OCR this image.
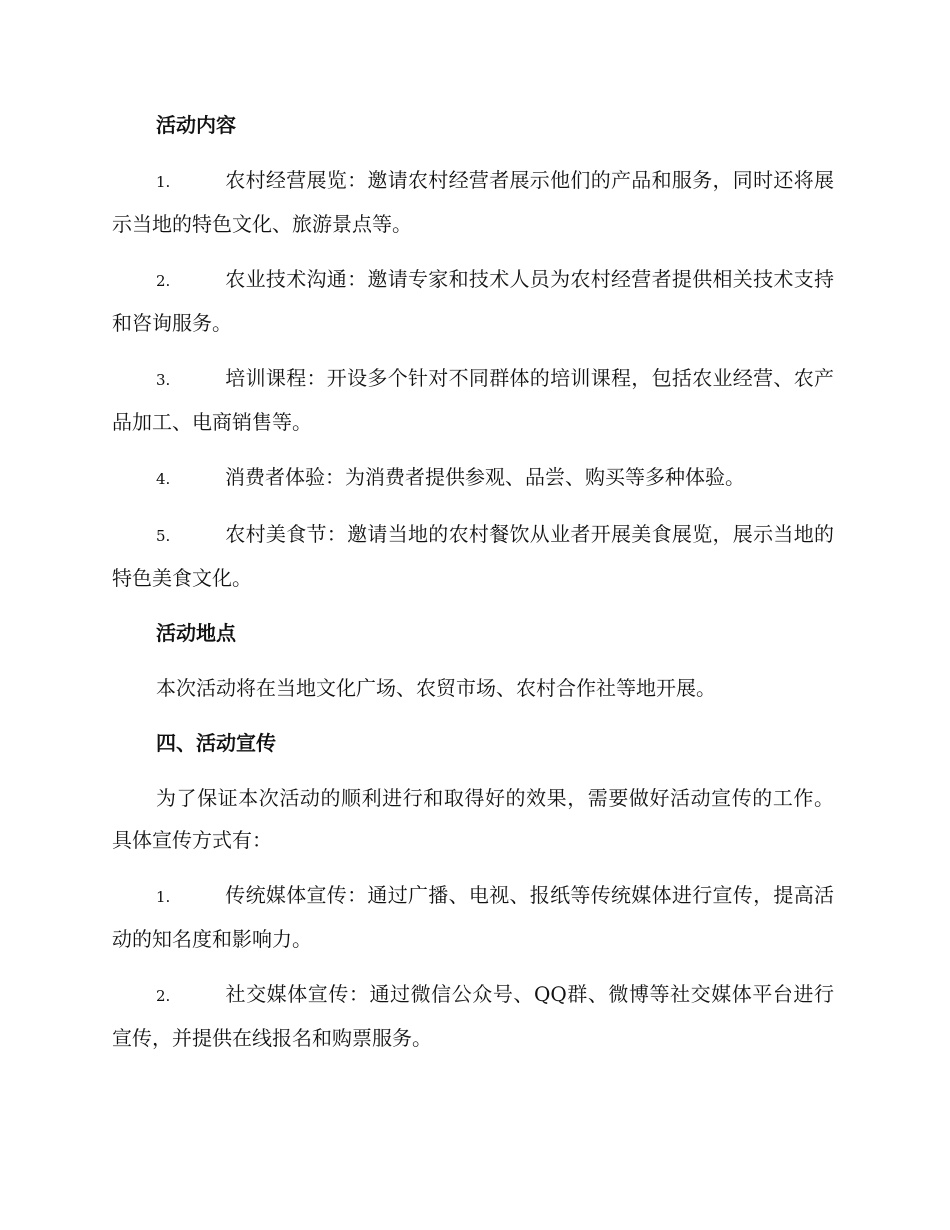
活动内容
1.	农村经营展览：邀请农村经营者展示他们的产品和服务，同时还将展示当地的特色文化、旅游景点等。
2.	农业技术沟通：邀请专家和技术人员为农村经营者提供相关技术支持和咨询服务。
3.	培训课程：开设多个针对不同群体的培训课程，包括农业经营、农产品加工、电商销售等。
4.	消费者体验：为消费者提供参观、品尝、购买等多种体验。
5.	农村美食节：邀请当地的农村餐饮从业者开展美食展览，展示当地的特色美食文化。
活动地点
本次活动将在当地文化广场、农贸市场、农村合作社等地开展。
四、活动宣传
为了保证本次活动的顺利进行和取得好的效果，需要做好活动宣传的工作。具体宣传方式有：
1.	传统媒体宣传：通过广播、电视、报纸等传统媒体进行宣传，提高活动的知名度和影响力。
2.	社交媒体宣传：通过微信公众号、QQ群、微博等社交媒体平台进行宣传，并提供在线报名和购票服务。
